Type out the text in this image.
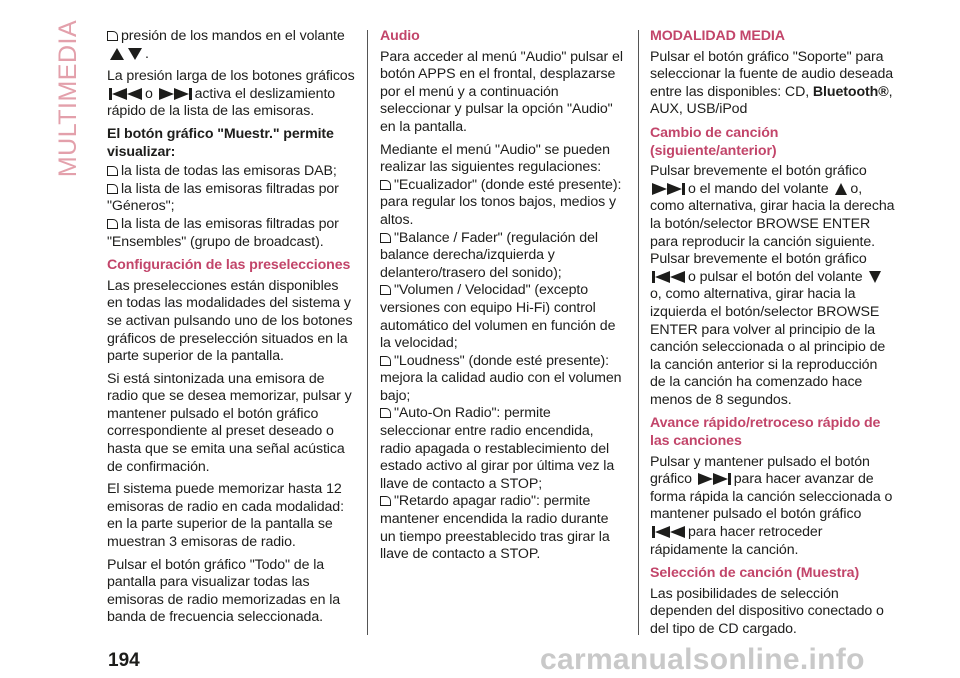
MULTIMEDIA	presión de los mandos en el volante
.

La presión larga de los botones gráficos
o	activa el deslizamiento rápido de la lista de las emisoras.

El botón gráfico "Muestr." permite visualizar:
la lista de todas las emisoras DAB;
la lista de las emisoras filtradas por "Géneros";
la lista de las emisoras filtradas por "Ensembles" (grupo de broadcast).
Configuración de las preselecciones

Las preselecciones están disponibles en todas las modalidades del sistema y se activan pulsando uno de los botones gráficos de preselección situados en la parte superior de la pantalla.

Si está sintonizada una emisora de radio que se desea memorizar, pulsar y mantener pulsado el botón gráfico correspondiente al preset deseado o hasta que se emita una señal acústica de confirmación.

El sistema puede memorizar hasta 12 emisoras de radio en cada modalidad: en la parte superior de la pantalla se muestran 3 emisoras de radio.

Pulsar el botón gráfico "Todo" de la pantalla para visualizar todas las emisoras de radio memorizadas en la banda de frecuencia seleccionada.

Audio

Para acceder al menú "Audio" pulsar el botón APPS en el frontal, desplazarse por el menú y a continuación seleccionar y pulsar la opción "Audio" en la pantalla.

Mediante el menú "Audio" se pueden realizar las siguientes regulaciones:

"Ecualizador" (donde esté presente): para regular los tonos bajos, medios y altos.
"Balance / Fader" (regulación del balance derecha/izquierda y delantero/trasero del sonido);
"Volumen / Velocidad" (excepto versiones con equipo Hi-Fi) control automático del volumen en función de la velocidad;
"Loudness" (donde esté presente): mejora la calidad audio con el volumen bajo;
"Auto-On Radio": permite seleccionar entre radio encendida, radio apagada o restablecimiento del estado activo al girar por última vez la llave de contacto a STOP;
"Retardo apagar radio": permite mantener encendida la radio durante un tiempo preestablecido tras girar la llave de contacto a STOP.
MODALIDAD MEDIA

Pulsar el botón gráfico "Soporte" para seleccionar la fuente de audio deseada entre las disponibles: CD, Bluetooth®, AUX, USB/iPod

Cambio de canción (siguiente/anterior)

Pulsar brevemente el botón gráfico
o el mando del volante o, como alternativa, girar hacia la derecha la botón/selector BROWSE ENTER para reproducir la canción siguiente. Pulsar brevemente el botón gráfico o pulsar el botón del volante o, como alternativa, girar hacia la izquierda el botón/selector BROWSE ENTER para volver al principio de la canción seleccionada o al principio de la canción anterior si la reproducción de la canción ha comenzado hace menos de 8 segundos.

Avance rápido/retroceso rápido de las canciones

Pulsar y mantener pulsado el botón gráfico	para hacer avanzar de forma rápida la canción seleccionada o mantener pulsado el botón gráfico
para hacer retroceder rápidamente la canción.

Selección de canción (Muestra)

Las posibilidades de selección dependen del dispositivo conectado o del tipo de CD cargado.

194	carmanualsonline.info
